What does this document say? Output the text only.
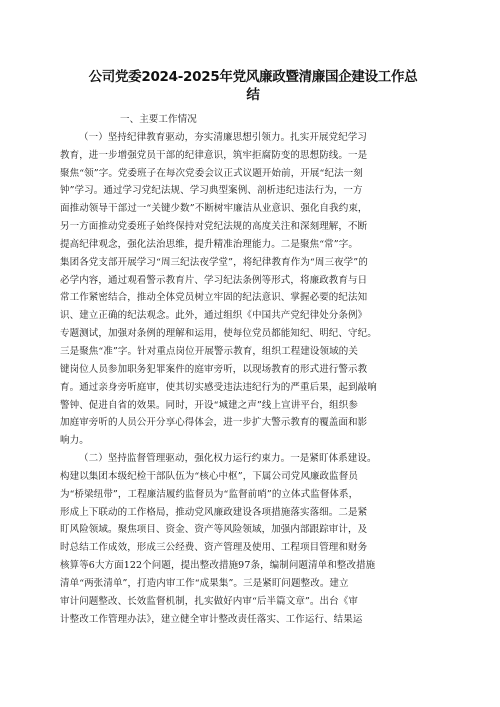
公司党委2024-2025年党风廉政暨清廉国企建设工作总
结
一、主要工作情况
（一）坚持纪律教育驱动，夯实清廉思想引领力。扎实开展党纪学习
教育，进一步增强党员干部的纪律意识，筑牢拒腐防变的思想防线。一是
聚焦“领”字。党委班子在每次党委会议正式议题开始前，开展“纪法一刻
钟”学习。通过学习党纪法规、学习典型案例、剖析违纪违法行为，一方
面推动领导干部过一“关键少数”不断树牢廉洁从业意识、强化自我约束，
另一方面推动党委班子始终保持对党纪法规的高度关注和深刻理解，不断
提高纪律观念，强化法治思维，提升精准治理能力。二是聚焦“常”字。
集团各党支部开展学习“周三纪法夜学堂”，将纪律教育作为“周三夜学”的
必学内容，通过观看警示教育片、学习纪法条例等形式，将廉政教育与日
常工作紧密结合，推动全体党员树立牢固的纪法意识、掌握必要的纪法知
识、建立正确的纪法观念。此外，通过组织《中国共产党纪律处分条例》
专题测试，加强对条例的理解和运用，使每位党员都能知纪、明纪、守纪。
三是聚焦“准”字。针对重点岗位开展警示教育，组织工程建设领域的关
键岗位人员参加职务犯罪案件的庭审旁听，以现场教育的形式进行警示教
育。通过亲身旁听庭审，使其切实感受违法违纪行为的严重后果，起到敲响
警钟、促进自省的效果。同时，开设“城建之声”线上宣讲平台，组织参
加庭审旁听的人员公开分享心得体会，进一步扩大警示教育的覆盖面和影
响力。
（二）坚持监督管理驱动，强化权力运行约束力。一是紧盯体系建设。
构建以集团本级纪检干部队伍为“核心中枢”，下属公司党风廉政监督员
为“桥梁纽带”，工程廉洁履约监督员为“监督前哨”的立体式监督体系，
形成上下联动的工作格局，推动党风廉政建设各项措施落实落细。二是紧
盯风险领域。聚焦项目、资金、资产等风险领域，加强内部跟踪审计，及
时总结工作成效，形成三公经费、资产管理及使用、工程项目管理和财务
核算等6大方面122个问题，提出整改措施97条，编制问题清单和整改措施
清单“两张清单”，打造内审工作“成果集”。三是紧盯问题整改。建立
审计问题整改、长效监督机制，扎实做好内审“后半篇文章”。出台《审
计整改工作管理办法》，建立健全审计整改责任落实、工作运行、结果运
